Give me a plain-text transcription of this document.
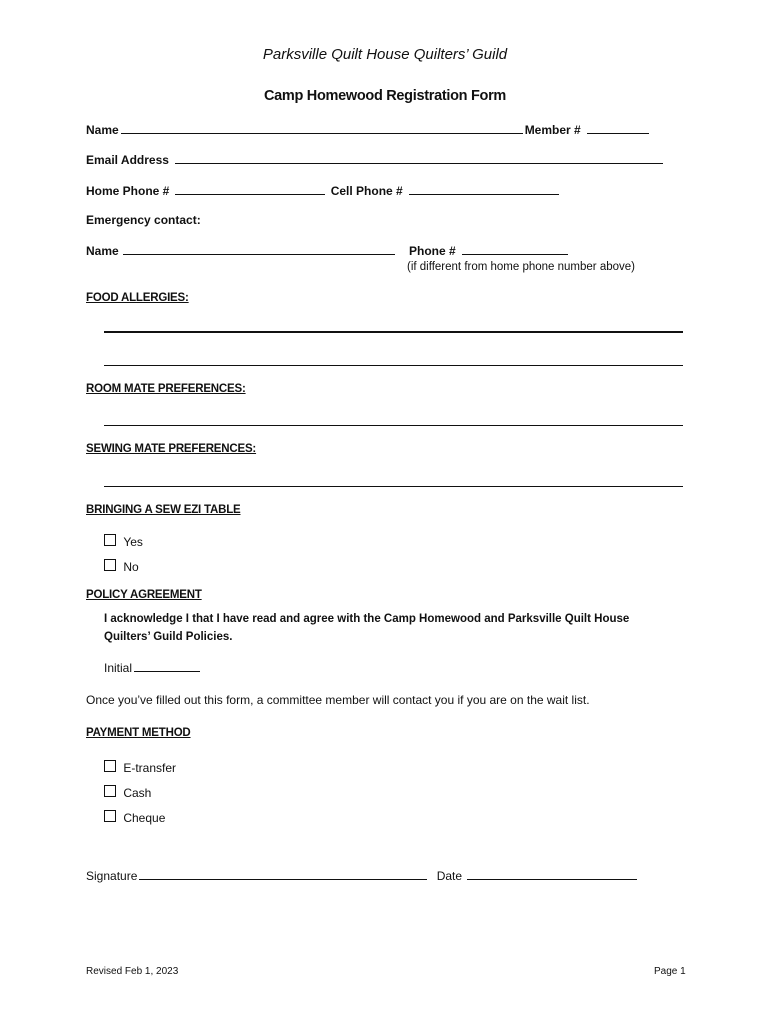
Parksville Quilt House Quilters’ Guild
Camp Homewood Registration Form
Name	Member #
Email Address
Home Phone #	Cell Phone #
Emergency contact:
Name	Phone #
(if different from home phone number above)
FOOD ALLERGIES:
ROOM MATE PREFERENCES:
SEWING MATE PREFERENCES:
BRINGING A SEW EZI TABLE
Yes
No
POLICY AGREEMENT
I acknowledge I that I have read and agree with the Camp Homewood and Parksville Quilt House
Quilters’ Guild Policies.
Initial
Once you’ve filled out this form, a committee member will contact you if you are on the wait list.
PAYMENT METHOD
E-transfer
Cash
Cheque
Signature	Date
Revised Feb 1, 2023	Page 1
